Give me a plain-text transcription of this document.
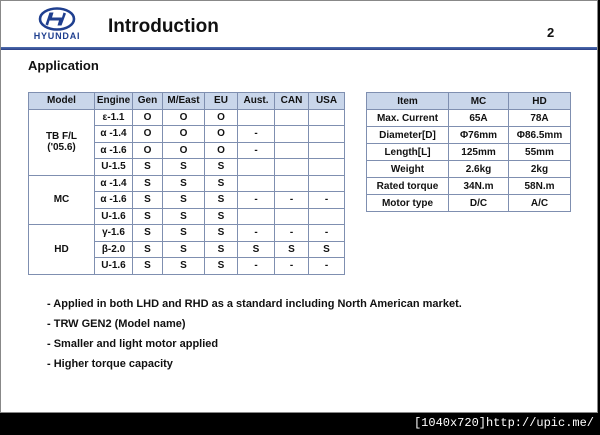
HYUNDAI	Introduction	2
Application
Model	Engine	Gen	M/East	EU	Aust.	CAN	USA

TB F/L
('05.6)	ε-1.1	O	O	O			
	α -1.4	O	O	O	-		
	α -1.6	O	O	O	-		
	U-1.5	S	S	S			

MC	α -1.4	S	S	S			
	α -1.6	S	S	S	-	-	-
	U-1.6	S	S	S			

HD	γ-1.6	S	S	S	-	-	-
	β-2.0	S	S	S	S	S	S
	U-1.6	S	S	S	-	-	-
Item	MC	HD
Max. Current	65A	78A
Diameter[D]	Φ76mm	Φ86.5mm
Length[L]	125mm	55mm
Weight	2.6kg	2kg
Rated torque	34N.m	58N.m
Motor type	D/C	A/C
- Applied in both LHD and RHD as a standard including North American market.
- TRW GEN2 (Model name)
- Smaller and light motor applied
- Higher torque capacity
[1040x720]http://upic.me/
